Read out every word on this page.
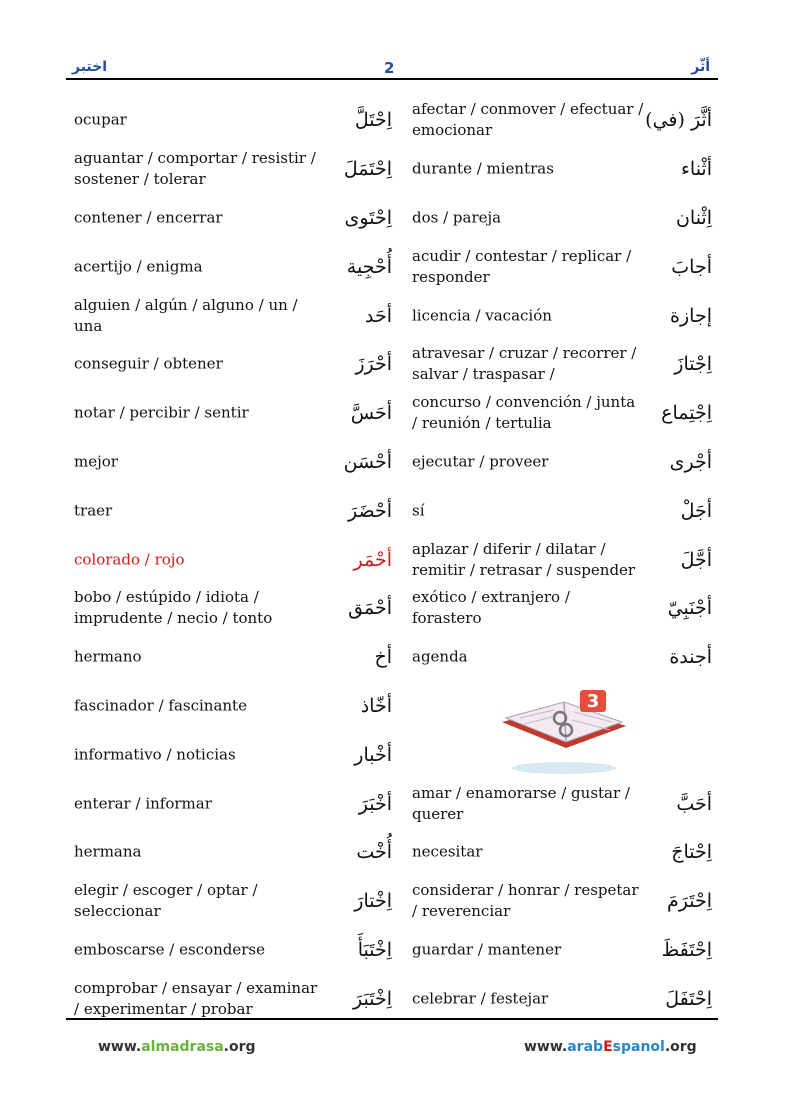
اختبر	2	أثّر
ocupar	اِحْتَلَّ afectar / conmover / efectuar / emocionar	أثَّرَ (في)
aguantar / comportar / resistir / sostener / tolerar	اِحْتَمَلَ durante / mientras	أثْناء
contener / encerrar	اِحْتَوى dos / pareja	اِثْنان
acertijo / enigma	أُحْجِية acudir / contestar / replicar / responder	أجابَ
alguien / algún / alguno / un / una	أحَد licencia / vacación	إجازة
conseguir / obtener	أحْرَزَ atravesar / cruzar / recorrer / salvar / traspasar /	اِجْتازَ
notar / percibir / sentir	أحَسَّ concurso / convención / junta / reunión / tertulia	اِجْتِماع
mejor	أحْسَن ejecutar / proveer	أجْرى
traer	أحْضَرَ sí	أجَلْ
colorado / rojo	أحْمَر aplazar / diferir / dilatar / remitir / retrasar / suspender	أجَّلَ
bobo / estúpido / idiota / imprudente / necio / tonto	أحْمَق exótico / extranjero / forastero	أجْنَبِيّ
hermano	أخ agenda	أجندة
fascinador / fascinante	أخّاذ
informativo / noticias	أخْبار
enterar / informar	أخْبَرَ amar / enamorarse / gustar / querer	أحَبَّ
hermana	أُخْت necesitar	اِحْتاجَ
elegir / escoger / optar / seleccionar	اِخْتارَ considerar / honrar / respetar / reverenciar	اِحْتَرَمَ
emboscarse / esconderse	اِخْتَبَأَ guardar / mantener	اِحْتَفَظَ
comprobar / ensayar / examinar / experimentar / probar	اِخْتَبَرَ celebrar / festejar	اِحْتَفَلَ
3
www.almadrasa.org	www.arabEspanol.org
